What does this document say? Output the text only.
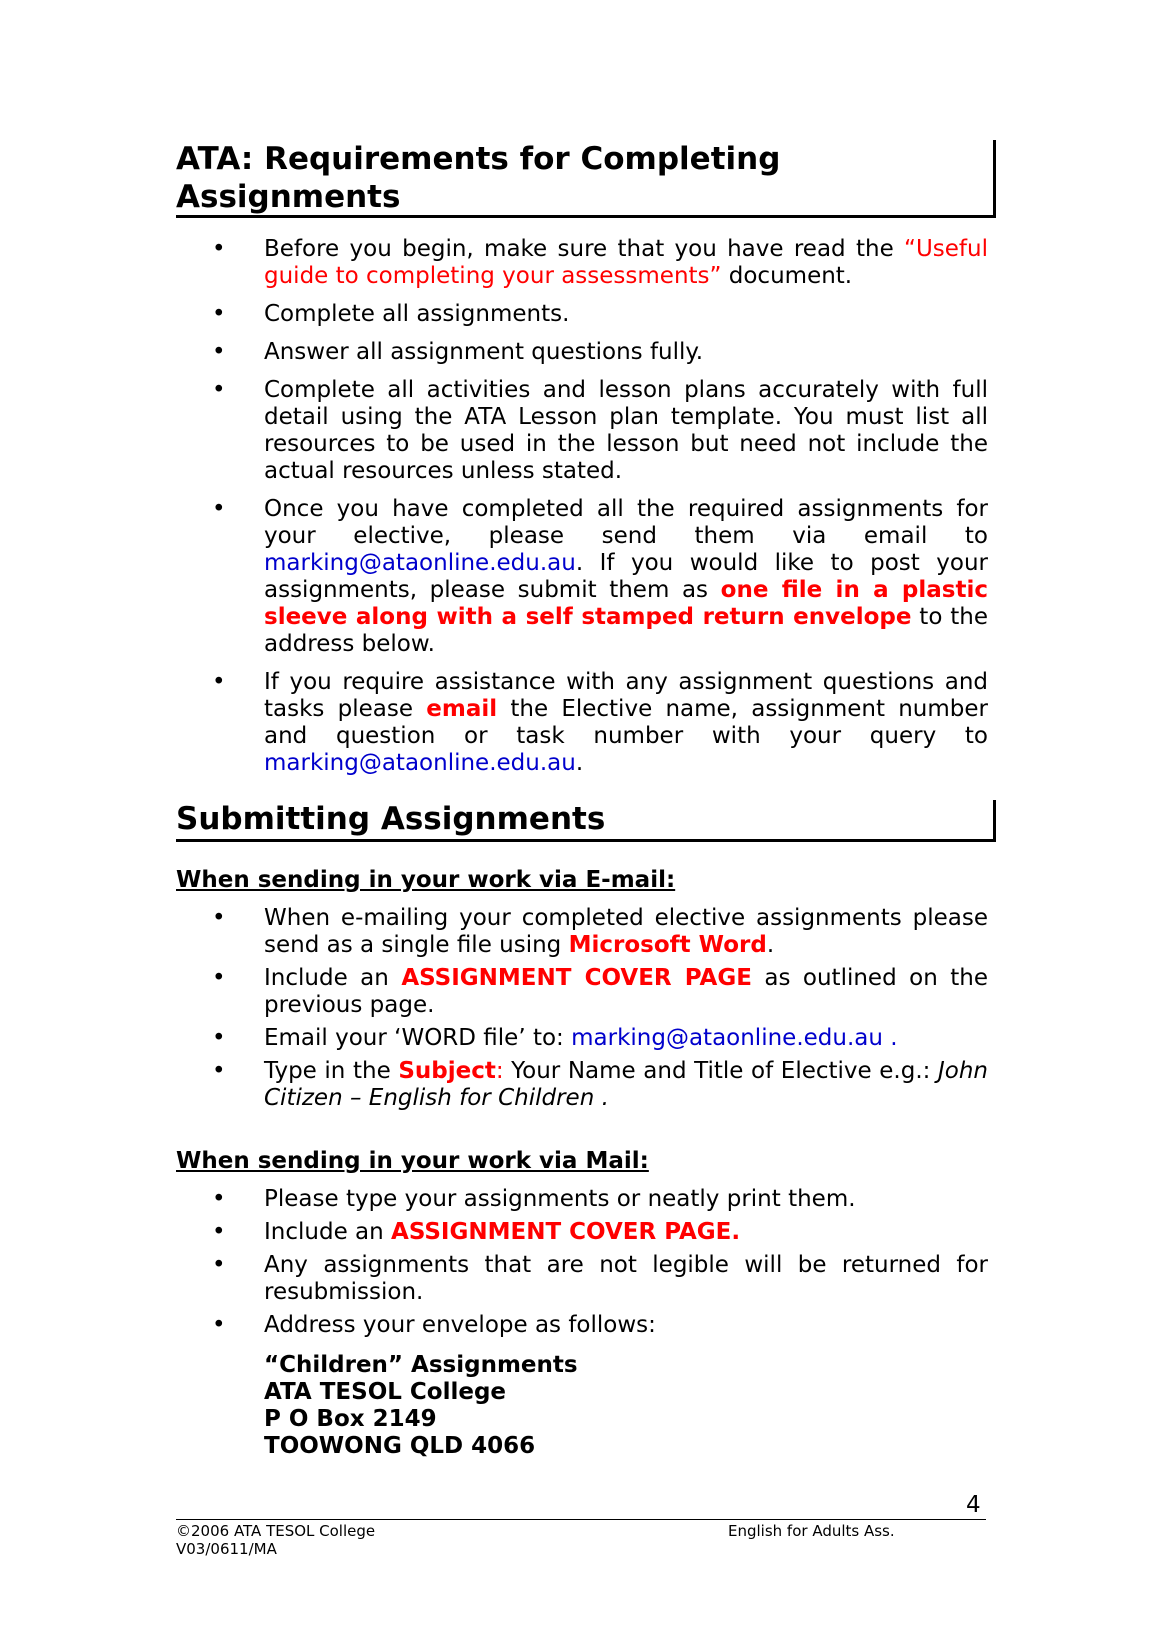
ATA: Requirements for Completing Assignments
• Before you begin, make sure that you have read the “Useful guide to completing your assessments” document.
• Complete all assignments.
• Answer all assignment questions fully.
• Complete all activities and lesson plans accurately with full detail using the ATA Lesson plan template. You must list all resources to be used in the lesson but need not include the actual resources unless stated.
• Once you have completed all the required assignments for your elective, please send them via email to marking@ataonline.edu.au. If you would like to post your assignments, please submit them as one file in a plastic sleeve along with a self stamped return envelope to the address below.
• If you require assistance with any assignment questions and tasks please email the Elective name, assignment number and question or task number with your query to marking@ataonline.edu.au.
Submitting Assignments
When sending in your work via E-mail:
• When e-mailing your completed elective assignments please send as a single file using Microsoft Word.
• Include an ASSIGNMENT COVER PAGE as outlined on the previous page.
• Email your ‘WORD file’ to: marking@ataonline.edu.au .
• Type in the Subject: Your Name and Title of Elective e.g.: John Citizen – English for Children .
When sending in your work via Mail:
• Please type your assignments or neatly print them.
• Include an ASSIGNMENT COVER PAGE.
• Any assignments that are not legible will be returned for resubmission.
• Address your envelope as follows:
“Children” Assignments
ATA TESOL College
P O Box 2149
TOOWONG QLD 4066
4
©2006 ATA TESOL College
V03/0611/MA
English for Adults Ass.
